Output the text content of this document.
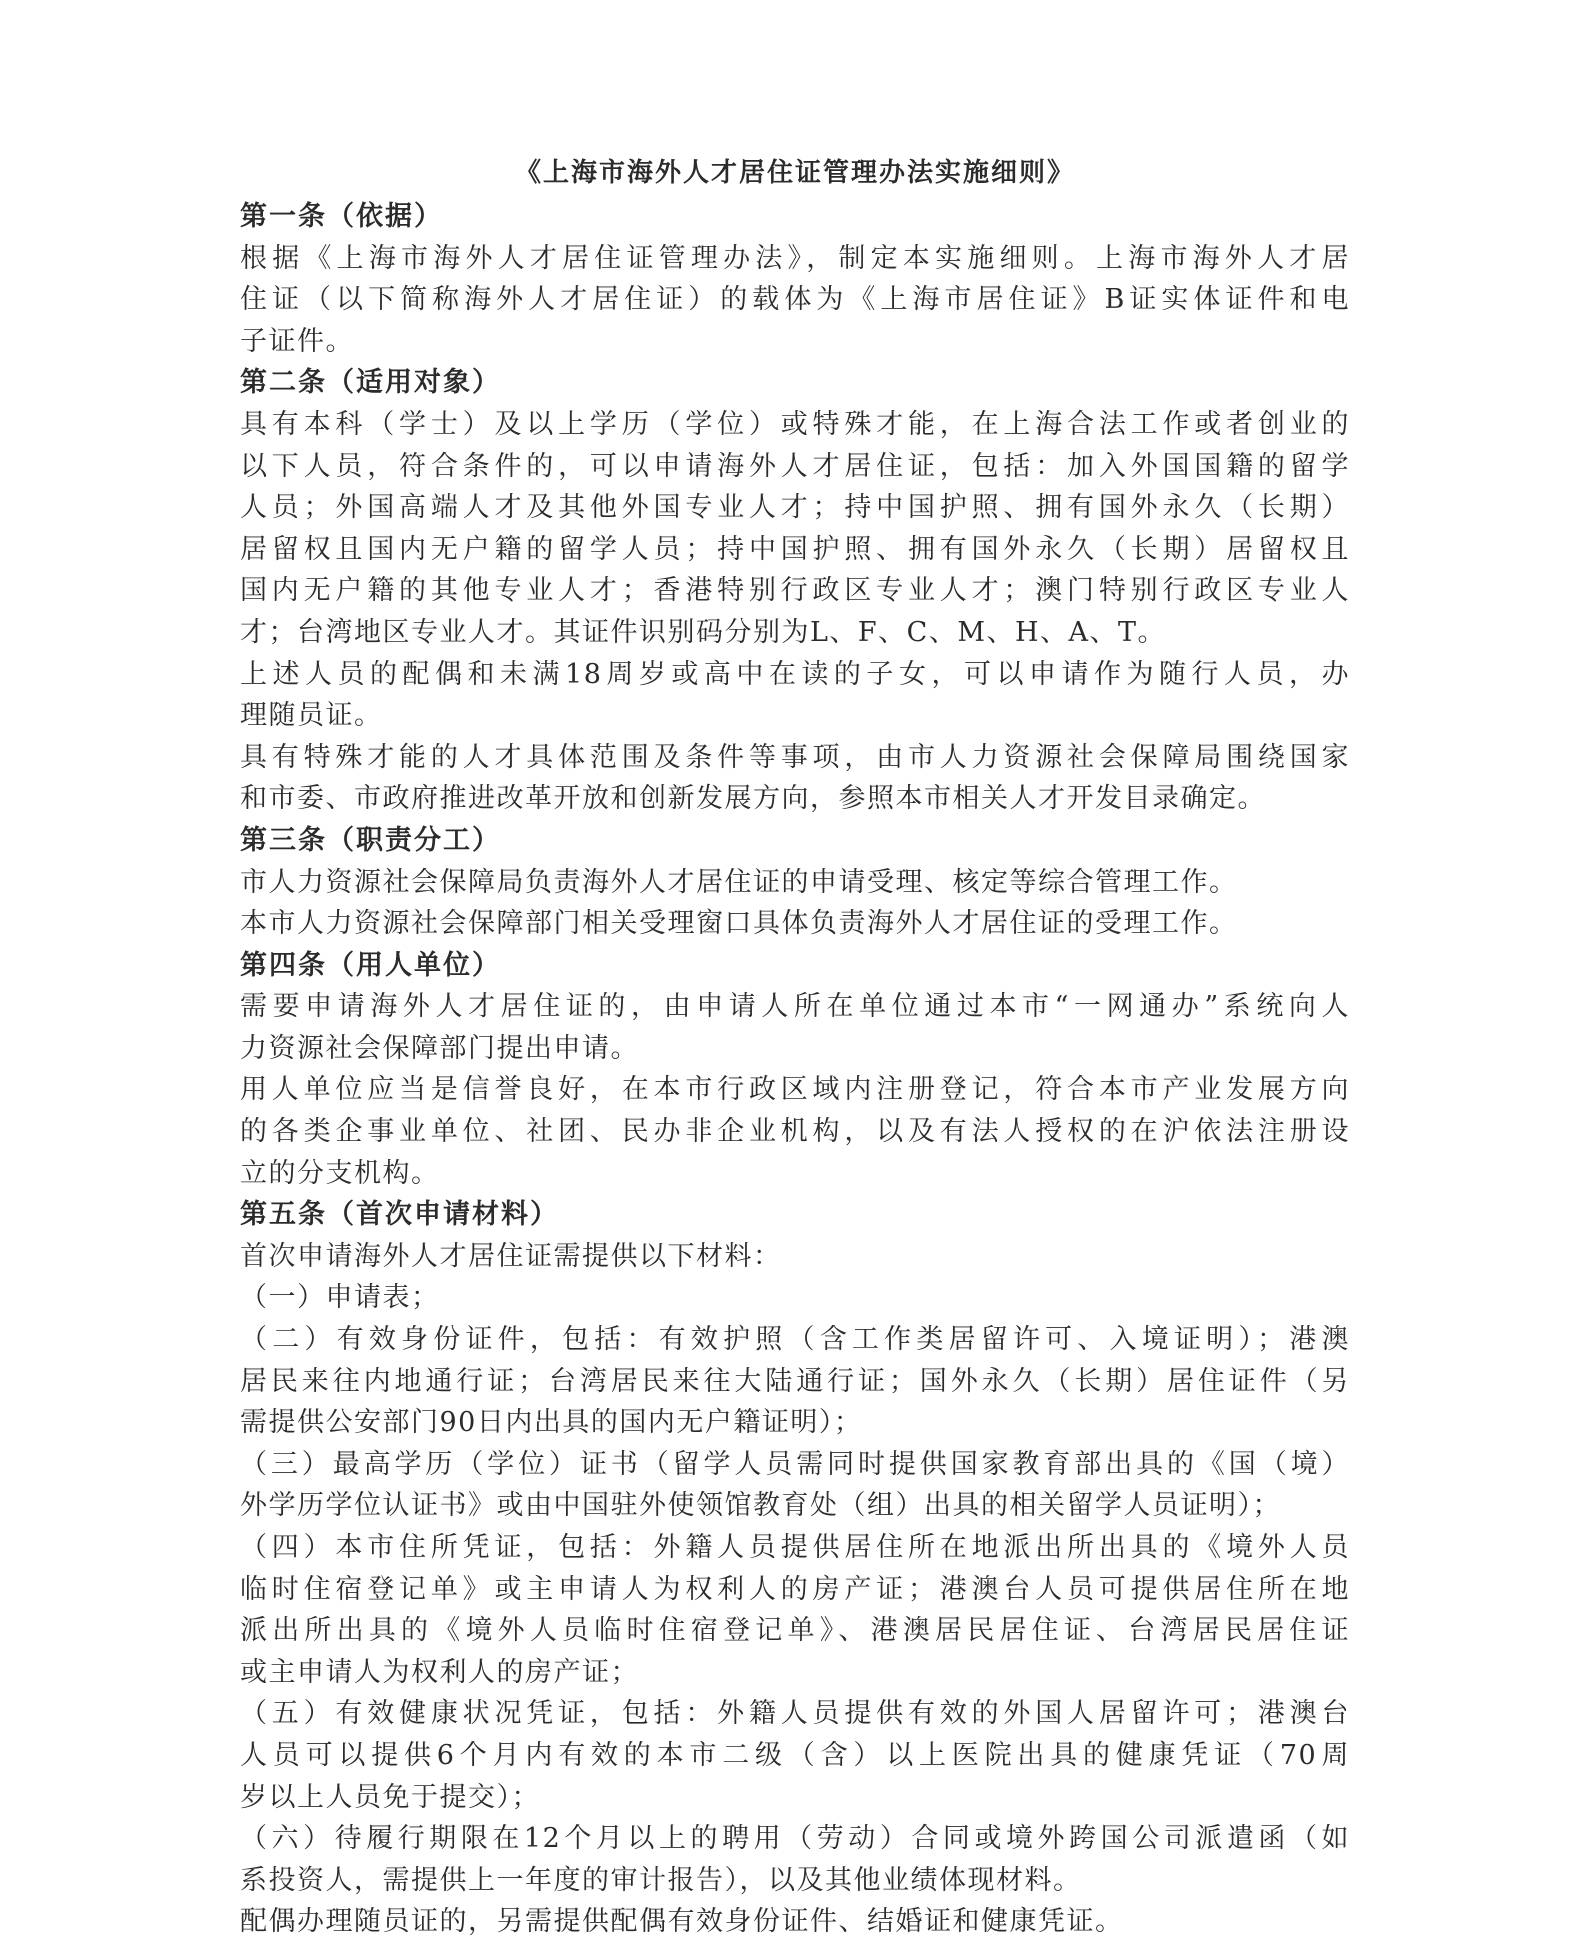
《上海市海外人才居住证管理办法实施细则》
第一条（依据）
根据《上海市海外人才居住证管理办法》，制定本实施细则。上海市海外人才居
住证（以下简称海外人才居住证）的载体为《上海市居住证》B证实体证件和电
子证件。
第二条（适用对象）
具有本科（学士）及以上学历（学位）或特殊才能，在上海合法工作或者创业的
以下人员，符合条件的，可以申请海外人才居住证，包括：加入外国国籍的留学
人员；外国高端人才及其他外国专业人才；持中国护照、拥有国外永久（长期）
居留权且国内无户籍的留学人员；持中国护照、拥有国外永久（长期）居留权且
国内无户籍的其他专业人才；香港特别行政区专业人才；澳门特别行政区专业人
才；台湾地区专业人才。其证件识别码分别为L、F、C、M、H、A、T。
上述人员的配偶和未满18周岁或高中在读的子女，可以申请作为随行人员，办
理随员证。
具有特殊才能的人才具体范围及条件等事项，由市人力资源社会保障局围绕国家
和市委、市政府推进改革开放和创新发展方向，参照本市相关人才开发目录确定。
第三条（职责分工）
市人力资源社会保障局负责海外人才居住证的申请受理、核定等综合管理工作。
本市人力资源社会保障部门相关受理窗口具体负责海外人才居住证的受理工作。
第四条（用人单位）
需要申请海外人才居住证的，由申请人所在单位通过本市“一网通办”系统向人
力资源社会保障部门提出申请。
用人单位应当是信誉良好，在本市行政区域内注册登记，符合本市产业发展方向
的各类企事业单位、社团、民办非企业机构，以及有法人授权的在沪依法注册设
立的分支机构。
第五条（首次申请材料）
首次申请海外人才居住证需提供以下材料：
（一）申请表；
（二）有效身份证件，包括：有效护照（含工作类居留许可、入境证明）；港澳
居民来往内地通行证；台湾居民来往大陆通行证；国外永久（长期）居住证件（另
需提供公安部门90日内出具的国内无户籍证明）；
（三）最高学历（学位）证书（留学人员需同时提供国家教育部出具的《国（境）
外学历学位认证书》或由中国驻外使领馆教育处（组）出具的相关留学人员证明）；
（四）本市住所凭证，包括：外籍人员提供居住所在地派出所出具的《境外人员
临时住宿登记单》或主申请人为权利人的房产证；港澳台人员可提供居住所在地
派出所出具的《境外人员临时住宿登记单》、港澳居民居住证、台湾居民居住证
或主申请人为权利人的房产证；
（五）有效健康状况凭证，包括：外籍人员提供有效的外国人居留许可；港澳台
人员可以提供6个月内有效的本市二级（含）以上医院出具的健康凭证（70周
岁以上人员免于提交）；
（六）待履行期限在12个月以上的聘用（劳动）合同或境外跨国公司派遣函（如
系投资人，需提供上一年度的审计报告），以及其他业绩体现材料。
配偶办理随员证的，另需提供配偶有效身份证件、结婚证和健康凭证。
